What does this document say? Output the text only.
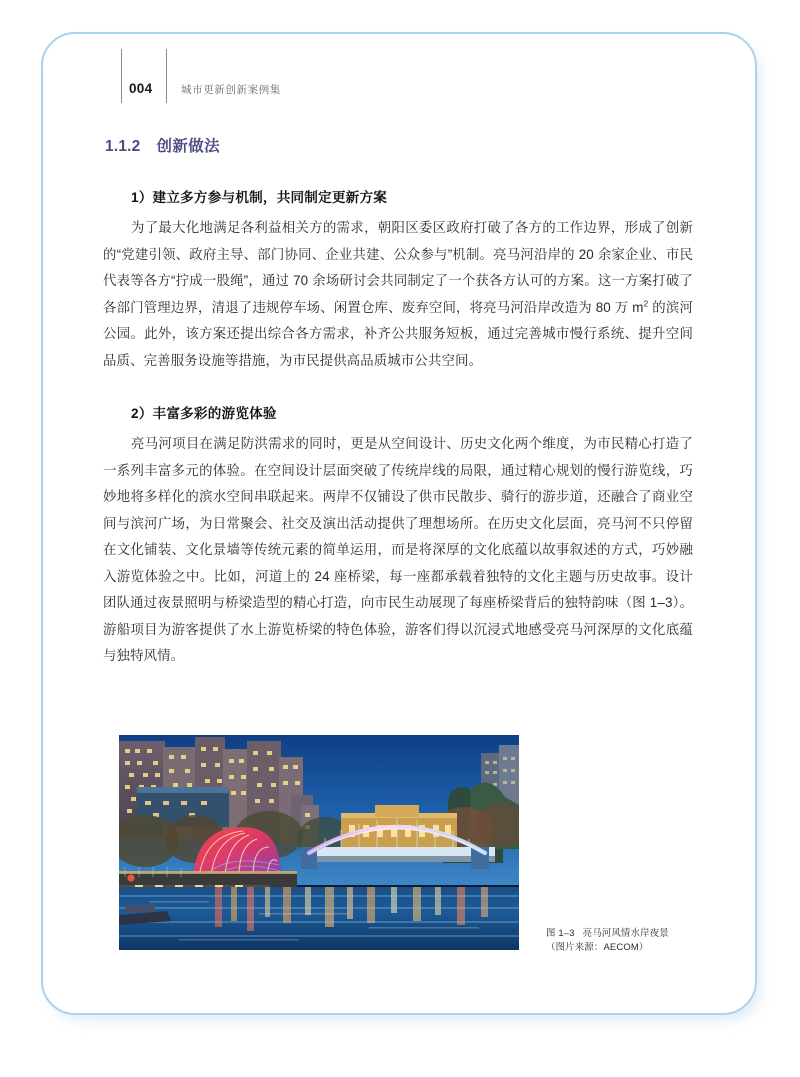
004	城市更新创新案例集
1.1.2 创新做法
1）建立多方参与机制，共同制定更新方案

为了最大化地满足各利益相关方的需求，朝阳区委区政府打破了各方的工作边界，形成了创新的“党建引领、政府主导、部门协同、企业共建、公众参与”机制。亮马河沿岸的 20 余家企业、市民代表等各方“拧成一股绳”，通过 70 余场研讨会共同制定了一个获各方认可的方案。这一方案打破了各部门管理边界，清退了违规停车场、闲置仓库、废弃空间，将亮马河沿岸改造为 80 万 $m^2$ 的滨河公园。此外，该方案还提出综合各方需求，补齐公共服务短板，通过完善城市慢行系统、提升空间品质、完善服务设施等措施，为市民提供高品质城市公共空间。

2）丰富多彩的游览体验

亮马河项目在满足防洪需求的同时，更是从空间设计、历史文化两个维度，为市民精心打造了一系列丰富多元的体验。在空间设计层面突破了传统岸线的局限，通过精心规划的慢行游览线，巧妙地将多样化的滨水空间串联起来。两岸不仅铺设了供市民散步、骑行的游步道，还融合了商业空间与滨河广场，为日常聚会、社交及演出活动提供了理想场所。在历史文化层面，亮马河不只停留在文化铺装、文化景墙等传统元素的简单运用，而是将深厚的文化底蕴以故事叙述的方式，巧妙融入游览体验之中。比如，河道上的 24 座桥梁，每一座都承载着独特的文化主题与历史故事。设计团队通过夜景照明与桥梁造型的精心打造，向市民生动展现了每座桥梁背后的独特韵味（图 1–3）。游船项目为游客提供了水上游览桥梁的特色体验，游客们得以沉浸式地感受亮马河深厚的文化底蕴与独特风情。

图 1–3 亮马河风情水岸夜景
（图片来源：AECOM）
